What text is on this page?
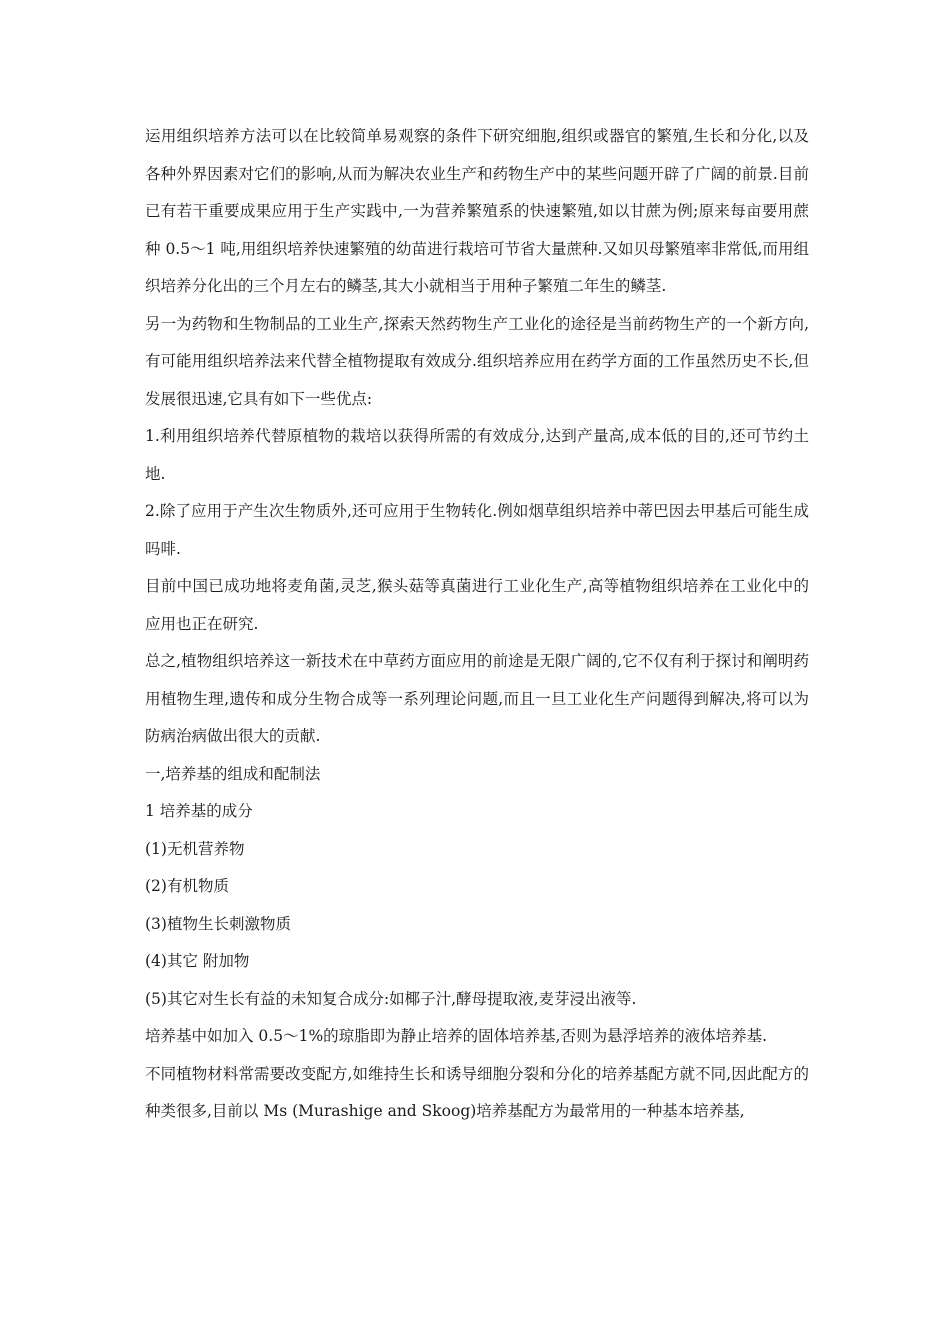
运用组织培养方法可以在比较简单易观察的条件下研究细胞,组织或器官的繁殖,生长和分化,以及各种外界因素对它们的影响,从而为解决农业生产和药物生产中的某些问题开辟了广阔的前景.目前已有若干重要成果应用于生产实践中,一为营养繁殖系的快速繁殖,如以甘蔗为例;原来每亩要用蔗种 0.5～1 吨,用组织培养快速繁殖的幼苗进行栽培可节省大量蔗种.又如贝母繁殖率非常低,而用组织培养分化出的三个月左右的鳞茎,其大小就相当于用种子繁殖二年生的鳞茎.

另一为药物和生物制品的工业生产,探索天然药物生产工业化的途径是当前药物生产的一个新方向,有可能用组织培养法来代替全植物提取有效成分.组织培养应用在药学方面的工作虽然历史不长,但发展很迅速,它具有如下一些优点:

1.利用组织培养代替原植物的栽培以获得所需的有效成分,达到产量高,成本低的目的,还可节约土地.

2.除了应用于产生次生物质外,还可应用于生物转化.例如烟草组织培养中蒂巴因去甲基后可能生成吗啡.

目前中国已成功地将麦角菌,灵芝,猴头菇等真菌进行工业化生产,高等植物组织培养在工业化中的应用也正在研究.

总之,植物组织培养这一新技术在中草药方面应用的前途是无限广阔的,它不仅有利于探讨和阐明药用植物生理,遗传和成分生物合成等一系列理论问题,而且一旦工业化生产问题得到解决,将可以为防病治病做出很大的贡献.

一,培养基的组成和配制法

1 培养基的成分

(1)无机营养物
(2)有机物质
(3)植物生长刺激物质
(4)其它 附加物
(5)其它对生长有益的未知复合成分:如椰子汁,酵母提取液,麦芽浸出液等.

培养基中如加入 0.5～1%的琼脂即为静止培养的固体培养基,否则为悬浮培养的液体培养基.

不同植物材料常需要改变配方,如维持生长和诱导细胞分裂和分化的培养基配方就不同,因此配方的种类很多,目前以 Ms (Murashige and Skoog)培养基配方为最常用的一种基本培养基,
